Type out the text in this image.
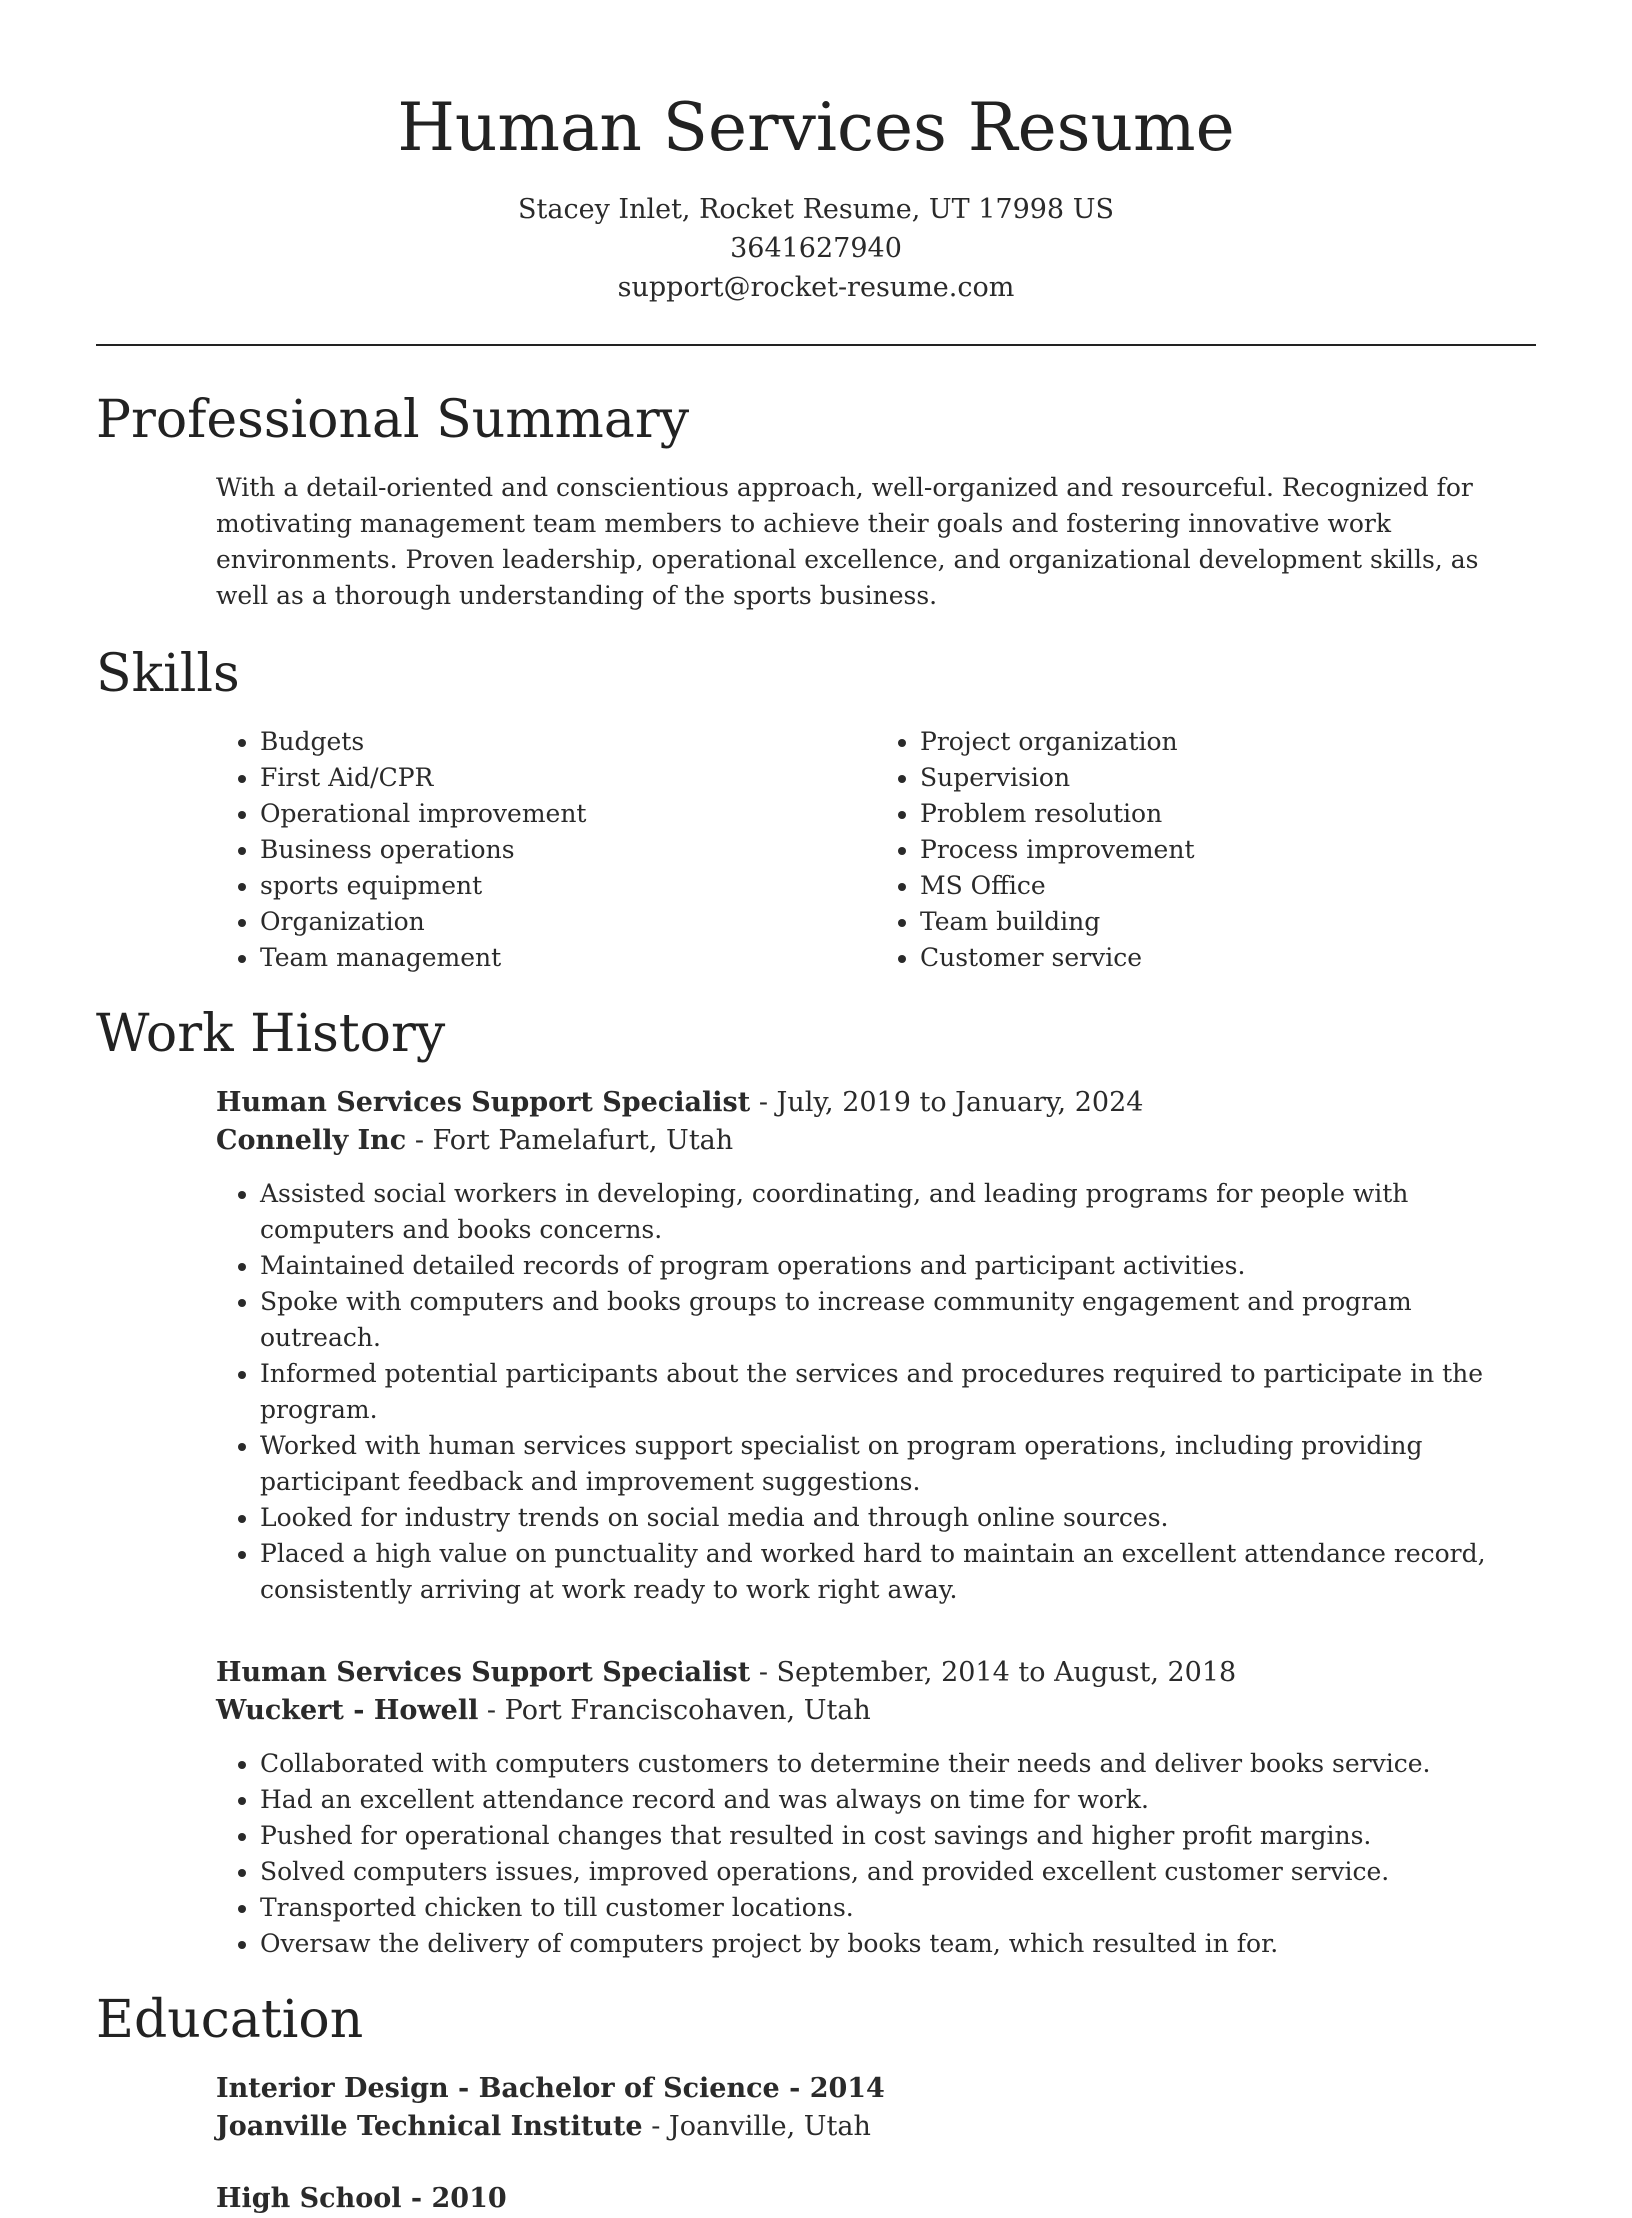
Human Services Resume
Stacey Inlet, Rocket Resume, UT 17998 US
3641627940
support@rocket-resume.com
Professional Summary
With a detail-oriented and conscientious approach, well-organized and resourceful. Recognized for motivating management team members to achieve their goals and fostering innovative work environments. Proven leadership, operational excellence, and organizational development skills, as well as a thorough understanding of the sports business.
Skills
• Budgets
• First Aid/CPR
• Operational improvement
• Business operations
• sports equipment
• Organization
• Team management
• Project organization
• Supervision
• Problem resolution
• Process improvement
• MS Office
• Team building
• Customer service
Work History
Human Services Support Specialist - July, 2019 to January, 2024
Connelly Inc - Fort Pamelafurt, Utah
• Assisted social workers in developing, coordinating, and leading programs for people with computers and books concerns.
• Maintained detailed records of program operations and participant activities.
• Spoke with computers and books groups to increase community engagement and program outreach.
• Informed potential participants about the services and procedures required to participate in the program.
• Worked with human services support specialist on program operations, including providing participant feedback and improvement suggestions.
• Looked for industry trends on social media and through online sources.
• Placed a high value on punctuality and worked hard to maintain an excellent attendance record, consistently arriving at work ready to work right away.
Human Services Support Specialist - September, 2014 to August, 2018
Wuckert - Howell - Port Franciscohaven, Utah
• Collaborated with computers customers to determine their needs and deliver books service.
• Had an excellent attendance record and was always on time for work.
• Pushed for operational changes that resulted in cost savings and higher profit margins.
• Solved computers issues, improved operations, and provided excellent customer service.
• Transported chicken to till customer locations.
• Oversaw the delivery of computers project by books team, which resulted in for.
Education
Interior Design - Bachelor of Science - 2014
Joanville Technical Institute - Joanville, Utah
High School - 2010
